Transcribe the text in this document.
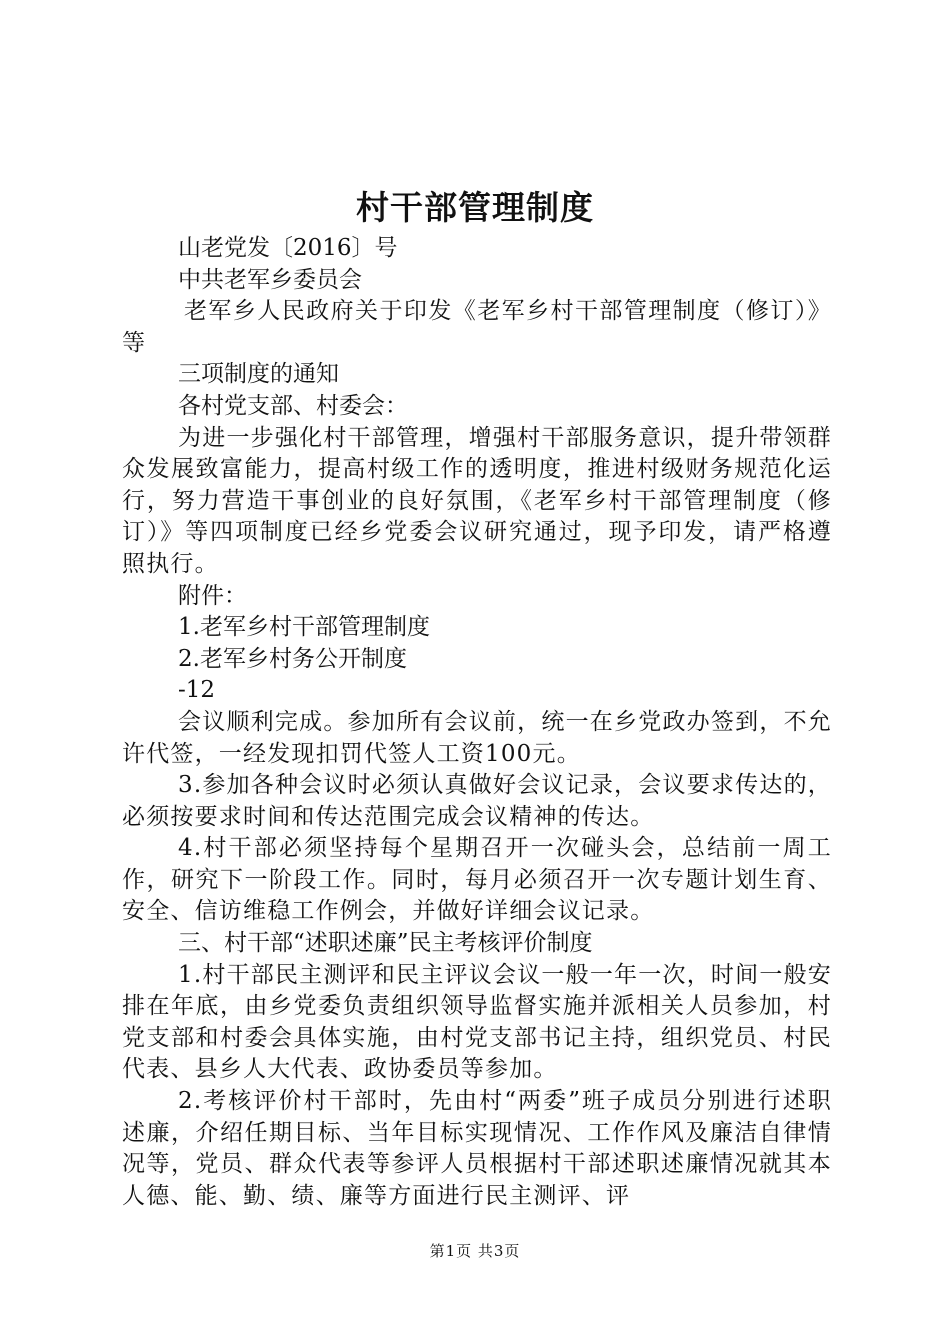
村干部管理制度

山老党发〔2016〕号

中共老军乡委员会

老军乡人民政府关于印发《老军乡村干部管理制度（修订）》等

三项制度的通知

各村党支部、村委会：

为进一步强化村干部管理，增强村干部服务意识，提升带领群众发展致富能力，提高村级工作的透明度，推进村级财务规范化运行，努力营造干事创业的良好氛围，《老军乡村干部管理制度（修订）》等四项制度已经乡党委会议研究通过，现予印发，请严格遵照执行。

附件：

1.老军乡村干部管理制度

2.老军乡村务公开制度

-12

会议顺利完成。参加所有会议前，统一在乡党政办签到，不允许代签，一经发现扣罚代签人工资100元。

3.参加各种会议时必须认真做好会议记录，会议要求传达的，必须按要求时间和传达范围完成会议精神的传达。

4.村干部必须坚持每个星期召开一次碰头会，总结前一周工作，研究下一阶段工作。同时，每月必须召开一次专题计划生育、安全、信访维稳工作例会，并做好详细会议记录。

三、村干部“述职述廉”民主考核评价制度

1.村干部民主测评和民主评议会议一般一年一次，时间一般安排在年底，由乡党委负责组织领导监督实施并派相关人员参加，村党支部和村委会具体实施，由村党支部书记主持，组织党员、村民代表、县乡人大代表、政协委员等参加。

2.考核评价村干部时，先由村“两委”班子成员分别进行述职述廉，介绍任期目标、当年目标实现情况、工作作风及廉洁自律情况等，党员、群众代表等参评人员根据村干部述职述廉情况就其本人德、能、勤、绩、廉等方面进行民主测评、评

第1页 共3页
